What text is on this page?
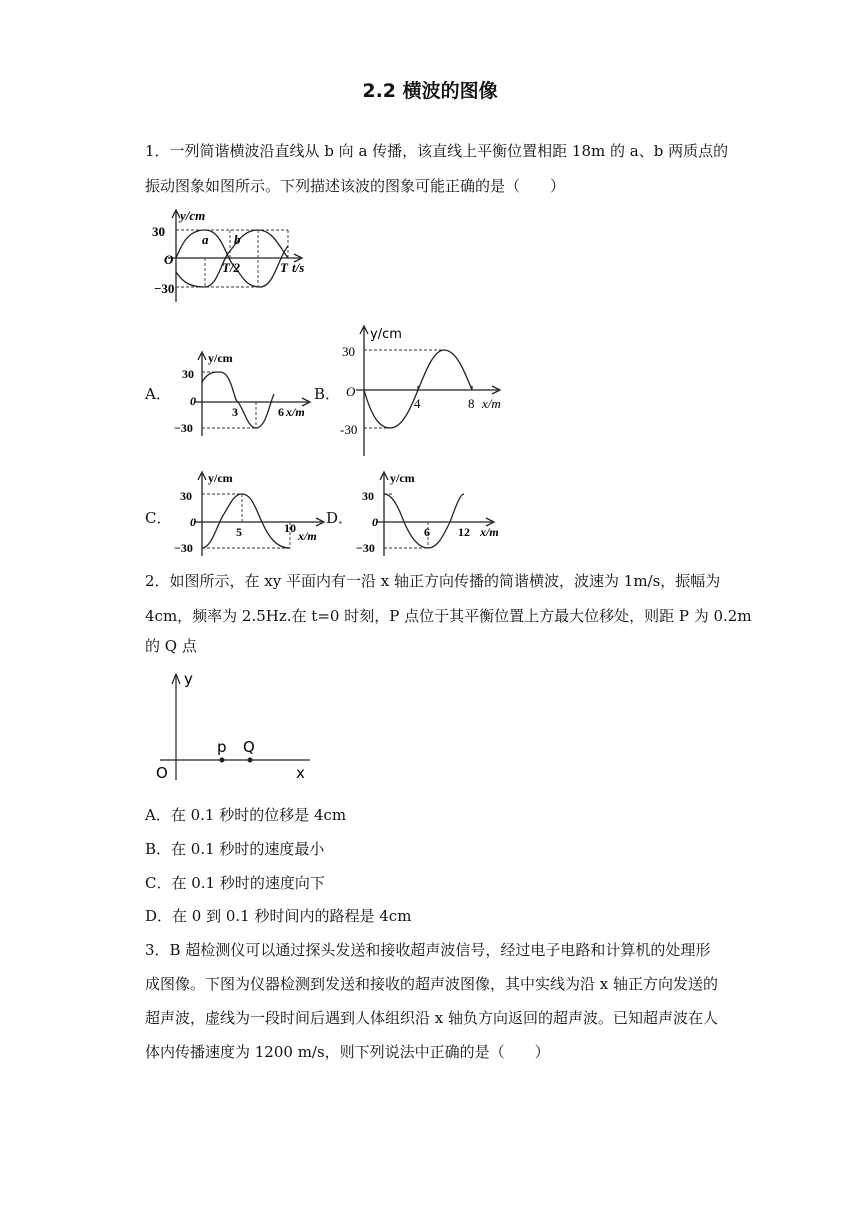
2.2 横波的图像
1．一列简谐横波沿直线从 b 向 a 传播，该直线上平衡位置相距 18m 的 a、b 两质点的
振动图象如图所示。下列描述该波的图象可能正确的是（　　）
y/cm
30
−30
O
a b
T/2	T t/s
A．
y/cm
30
0
−30
3	6 x/m
B．
y/cm
30
O
-30
4	8 x/m
C．
y/cm
30
0
−30
5	10
x/m
D．
y/cm
30
0
−30
6 12 x/m
2．如图所示，在 xy 平面内有一沿 x 轴正方向传播的简谐横波，波速为 1m/s，振幅为
4cm，频率为 2.5Hz.在 t=0 时刻，P 点位于其平衡位置上方最大位移处，则距 P 为 0.2m
的 Q 点
y
O	x
p Q
A．在 0.1 秒时的位移是 4cm
B．在 0.1 秒时的速度最小
C．在 0.1 秒时的速度向下
D．在 0 到 0.1 秒时间内的路程是 4cm
3．B 超检测仪可以通过探头发送和接收超声波信号，经过电子电路和计算机的处理形
成图像。下图为仪器检测到发送和接收的超声波图像，其中实线为沿 x 轴正方向发送的
超声波，虚线为一段时间后遇到人体组织沿 x 轴负方向返回的超声波。已知超声波在人
体内传播速度为 1200 m/s，则下列说法中正确的是（　　）
